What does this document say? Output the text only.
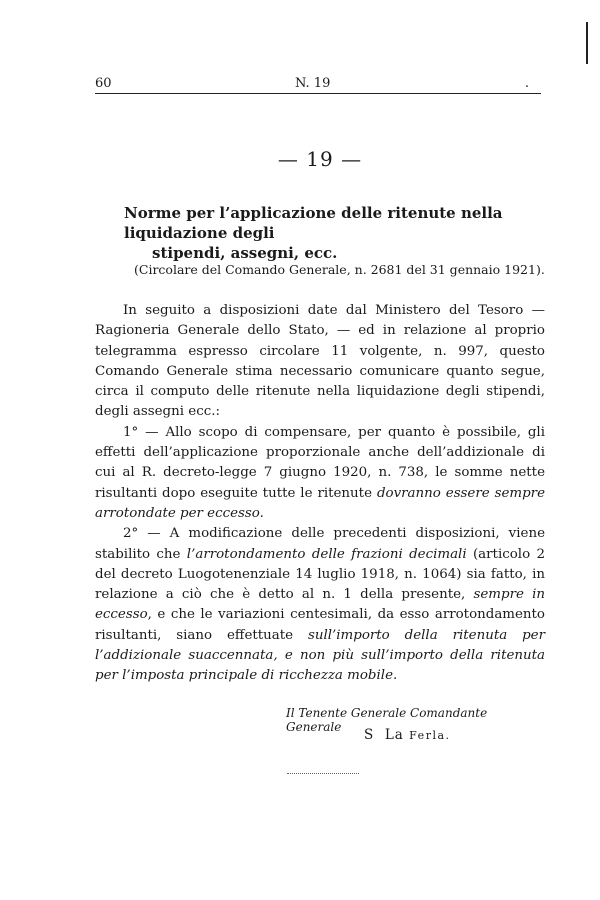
60	N. 19	.
— 19 —
Norme per l’applicazione delle ritenute nella liquidazione degli
stipendi, assegni, ecc.
(Circolare del Comando Generale, n. 2681 del 31 gennaio 1921).

In seguito a disposizioni date dal Ministero del Tesoro — Ragioneria Generale dello Stato, — ed in relazione al proprio telegramma espresso circolare 11 volgente, n. 997, questo Comando Generale stima necessario comunicare quanto segue, circa il computo delle ritenute nella liquidazione degli stipendi, degli assegni ecc.:

1° — Allo scopo di compensare, per quanto è possibile, gli effetti dell’applicazione proporzionale anche dell’addizionale di cui al R. decreto-legge 7 giugno 1920, n. 738, le somme nette risultanti dopo eseguite tutte le ritenute dovranno essere sempre arrotondate per eccesso.

2° — A modificazione delle precedenti disposizioni, viene stabilito che l’arrotondamento delle frazioni decimali (articolo 2 del decreto Luogotenenziale 14 luglio 1918, n. 1064) sia fatto, in relazione a ciò che è detto al n. 1 della presente, sempre in eccesso, e che le variazioni centesimali, da esso arrotondamento risultanti, siano effettuate sull’importo della ritenuta per l’addizionale suaccennata, e non più sull’importo della ritenuta per l’imposta principale di ricchezza mobile.

Il Tenente Generale Comandante Generale	S La Ferla.
